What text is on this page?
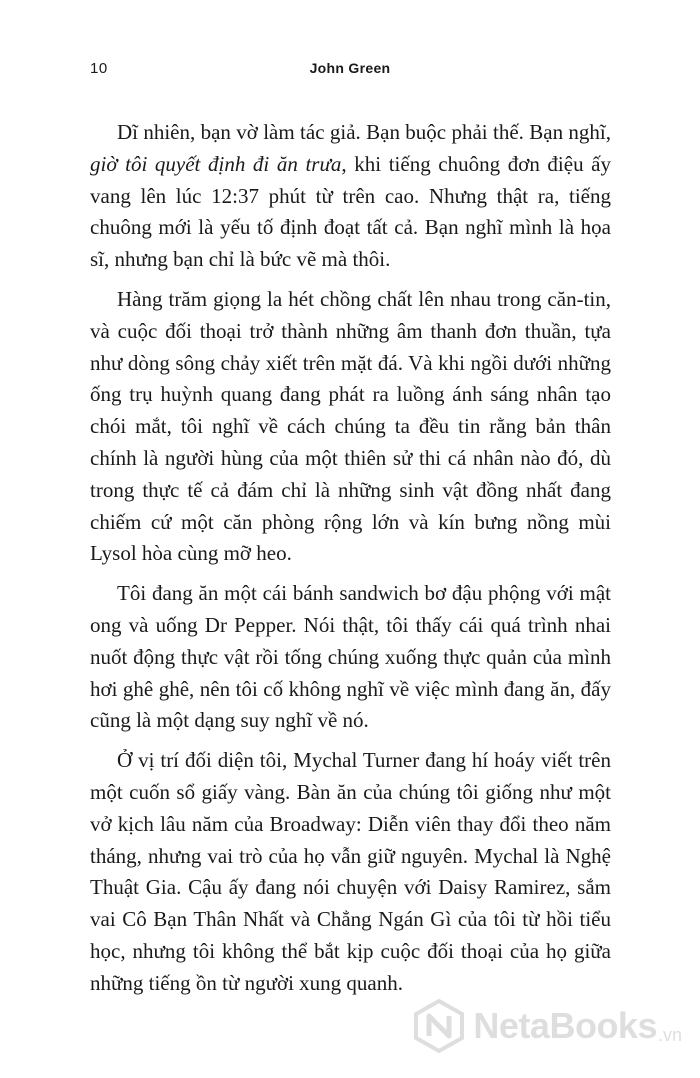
10	John Green

Dĩ nhiên, bạn vờ làm tác giả. Bạn buộc phải thế. Bạn nghĩ, giờ tôi quyết định đi ăn trưa, khi tiếng chuông đơn điệu ấy vang lên lúc 12:37 phút từ trên cao. Nhưng thật ra, tiếng chuông mới là yếu tố định đoạt tất cả. Bạn nghĩ mình là họa sĩ, nhưng bạn chỉ là bức vẽ mà thôi.

Hàng trăm giọng la hét chồng chất lên nhau trong căn-tin, và cuộc đối thoại trở thành những âm thanh đơn thuần, tựa như dòng sông chảy xiết trên mặt đá. Và khi ngồi dưới những ống trụ huỳnh quang đang phát ra luồng ánh sáng nhân tạo chói mắt, tôi nghĩ về cách chúng ta đều tin rằng bản thân chính là người hùng của một thiên sử thi cá nhân nào đó, dù trong thực tế cả đám chỉ là những sinh vật đồng nhất đang chiếm cứ một căn phòng rộng lớn và kín bưng nồng mùi Lysol hòa cùng mỡ heo.

Tôi đang ăn một cái bánh sandwich bơ đậu phộng với mật ong và uống Dr Pepper. Nói thật, tôi thấy cái quá trình nhai nuốt động thực vật rồi tống chúng xuống thực quản của mình hơi ghê ghê, nên tôi cố không nghĩ về việc mình đang ăn, đấy cũng là một dạng suy nghĩ về nó.

Ở vị trí đối diện tôi, Mychal Turner đang hí hoáy viết trên một cuốn sổ giấy vàng. Bàn ăn của chúng tôi giống như một vở kịch lâu năm của Broadway: Diễn viên thay đổi theo năm tháng, nhưng vai trò của họ vẫn giữ nguyên. Mychal là Nghệ Thuật Gia. Cậu ấy đang nói chuyện với Daisy Ramirez, sắm vai Cô Bạn Thân Nhất và Chẳng Ngán Gì của tôi từ hồi tiểu học, nhưng tôi không thể bắt kịp cuộc đối thoại của họ giữa những tiếng ồn từ người xung quanh.

NetaBooks .vn
